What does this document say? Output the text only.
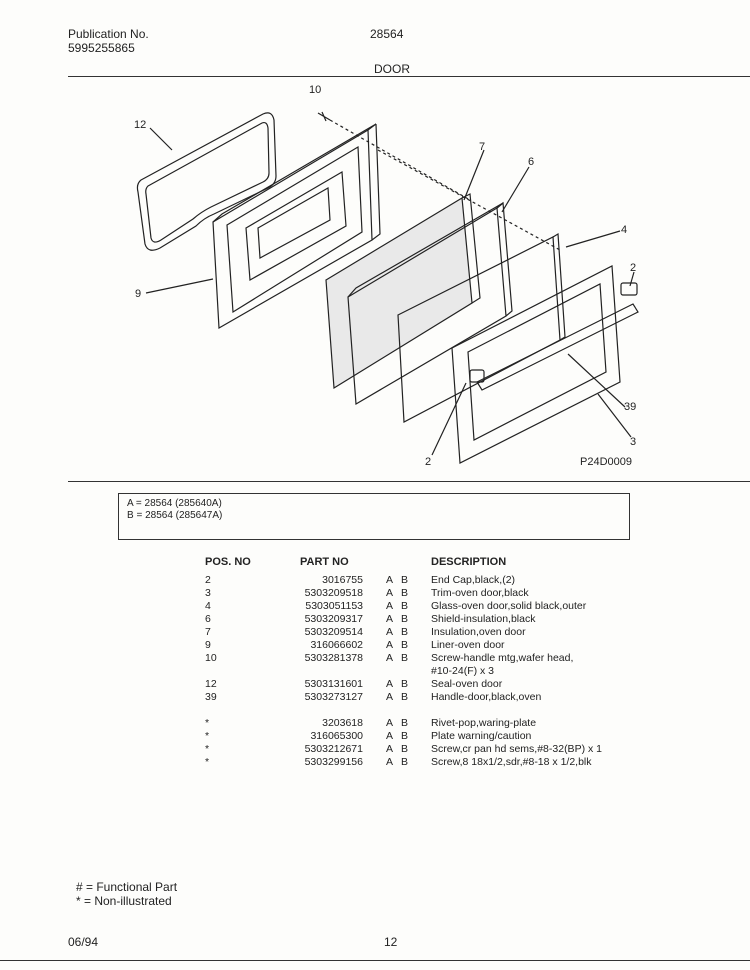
Publication No.
5995255865
28564
DOOR
10
12
7
6
4
2
9
39
3
2	P24D0009
A = 28564 (285640A)
B = 28564 (285647A)
POS. NO	PART NO	DESCRIPTION
2	3016755 A B End Cap,black,(2)
3	5303209518 A B Trim-oven door,black
4	5303051153 A B Glass-oven door,solid black,outer
6	5303209317 A B Shield-insulation,black
7	5303209514 A B Insulation,oven door
9	316066602 A B Liner-oven door
10	5303281378 A B Screw-handle mtg,wafer head,
#10-24(F) x 3
12	5303131601 A B Seal-oven door
39	5303273127 A B Handle-door,black,oven
*	3203618 A B Rivet-pop,waring-plate
*	316065300 A B Plate warning/caution
*	5303212671 A B Screw,cr pan hd sems,#8-32(BP) x 1
*	5303299156 A B Screw,8 18x1/2,sdr,#8-18 x 1/2,blk
# = Functional Part
* = Non-illustrated
06/94	12
